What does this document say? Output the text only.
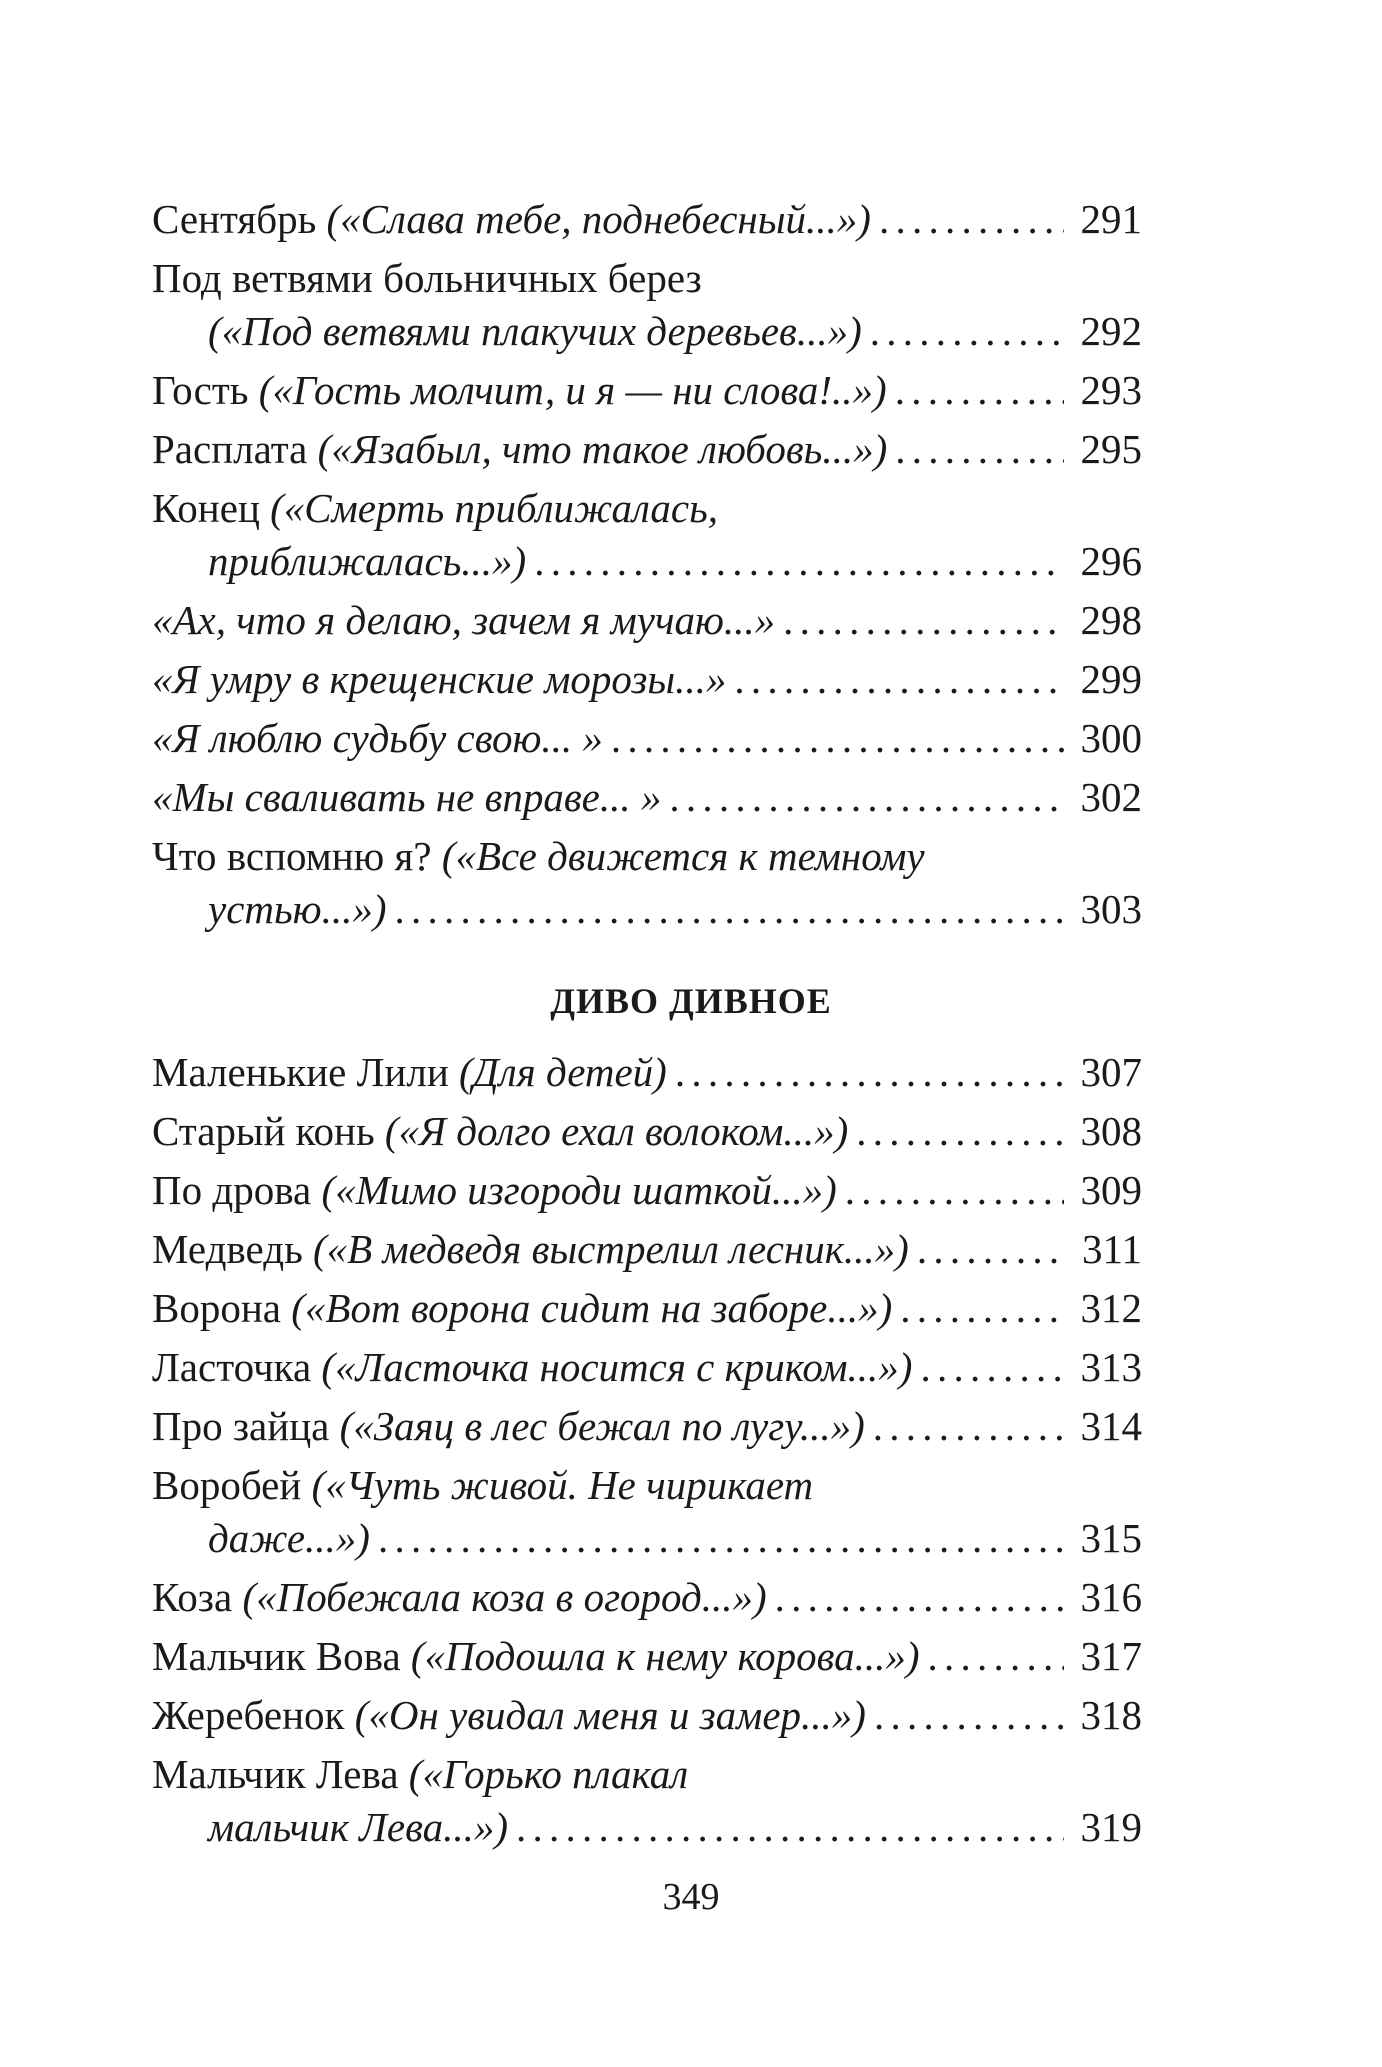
Сентябрь («Слава тебе, поднебесный...») . . .	291
Под ветвями больничных берез
(«Под ветвями плакучих деревьев...») . . .	292
Гость («Гость молчит, и я — ни слова!..») . . .	293
Расплата («Язабыл, что такое любовь...») . . .	295
Конец («Смерть приближалась,
приближалась...») . . .	296
«Ах, что я делаю, зачем я мучаю...» . . .	298
«Я умру в крещенские морозы...» . . .	299
«Я люблю судьбу свою... » . . .	300
«Мы сваливать не вправе... » . . .	302
Что вспомню я? («Все движется к темному
устью...») . . .	303
ДИВО ДИВНОЕ
Маленькие Лили (Для детей) . . .	307
Старый конь («Я долго ехал волоком...») . . .	308
По дрова («Мимо изгороди шаткой...») . . .	309
Медведь («В медведя выстрелил лесник...») . . .	311
Ворона («Вот ворона сидит на заборе...») . . .	312
Ласточка («Ласточка носится с криком...») . . .	313
Про зайца («Заяц в лес бежал по лугу...») . . .	314
Воробей («Чуть живой. Не чирикает
даже...») . . .	315
Коза («Побежала коза в огород...») . . .	316
Мальчик Вова («Подошла к нему корова...») . . .	317
Жеребенок («Он увидал меня и замер...») . . .	318
Мальчик Лева («Горько плакал
мальчик Лева...») . . .	319
349
